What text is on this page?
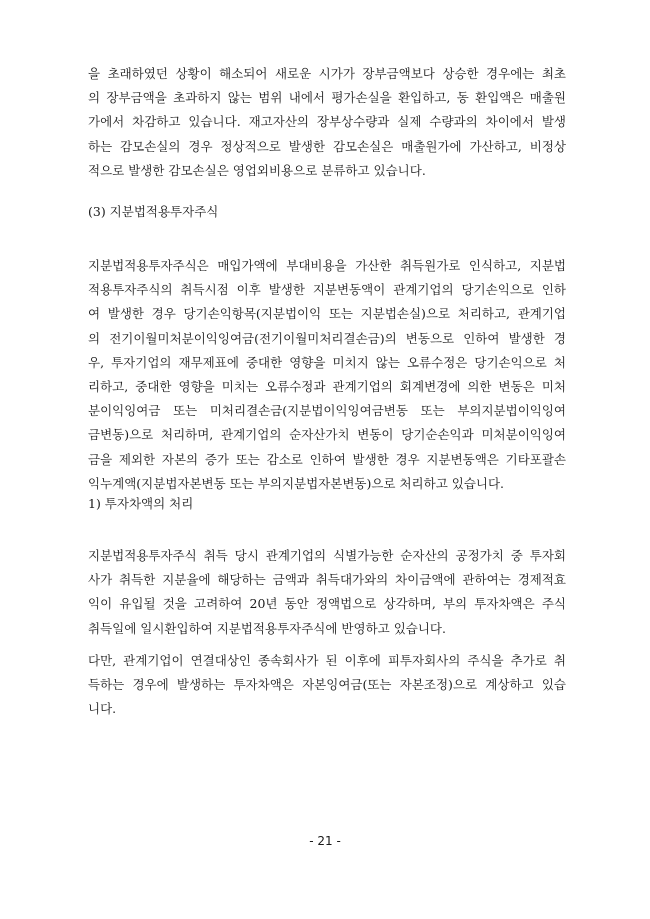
을 초래하였던 상황이 해소되어 새로운 시가가 장부금액보다 상승한 경우에는 최초
의 장부금액을 초과하지 않는 범위 내에서 평가손실을 환입하고, 동 환입액은 매출원
가에서 차감하고 있습니다. 재고자산의 장부상수량과 실제 수량과의 차이에서 발생
하는 감모손실의 경우 정상적으로 발생한 감모손실은 매출원가에 가산하고, 비정상
적으로 발생한 감모손실은 영업외비용으로 분류하고 있습니다.

(3) 지분법적용투자주식

지분법적용투자주식은 매입가액에 부대비용을 가산한 취득원가로 인식하고, 지분법
적용투자주식의 취득시점 이후 발생한 지분변동액이 관계기업의 당기손익으로 인하
여 발생한 경우 당기손익항목(지분법이익 또는 지분법손실)으로 처리하고, 관계기업
의 전기이월미처분이익잉여금(전기이월미처리결손금)의 변동으로 인하여 발생한 경
우, 투자기업의 재무제표에 중대한 영향을 미치지 않는 오류수정은 당기손익으로 처
리하고, 중대한 영향을 미치는 오류수정과 관계기업의 회계변경에 의한 변동은 미처
분이익잉여금 또는 미처리결손금(지분법이익잉여금변동 또는 부의지분법이익잉여
금변동)으로 처리하며, 관계기업의 순자산가치 변동이 당기순손익과 미처분이익잉여
금을 제외한 자본의 증가 또는 감소로 인하여 발생한 경우 지분변동액은 기타포괄손
익누계액(지분법자본변동 또는 부의지분법자본변동)으로 처리하고 있습니다.

1) 투자차액의 처리

지분법적용투자주식 취득 당시 관계기업의 식별가능한 순자산의 공정가치 중 투자회
사가 취득한 지분율에 해당하는 금액과 취득대가와의 차이금액에 관하여는 경제적효
익이 유입될 것을 고려하여 20년 동안 정액법으로 상각하며, 부의 투자차액은 주식
취득일에 일시환입하여 지분법적용투자주식에 반영하고 있습니다.
다만, 관계기업이 연결대상인 종속회사가 된 이후에 피투자회사의 주식을 추가로 취
득하는 경우에 발생하는 투자차액은 자본잉여금(또는 자본조정)으로 계상하고 있습
니다.
- 21 -
